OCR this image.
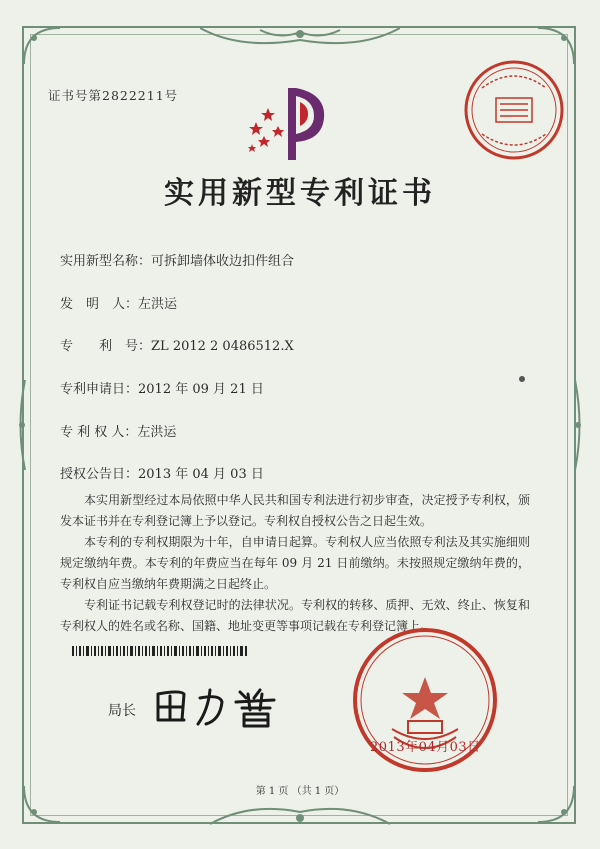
证书号第2822211号
实用新型专利证书
实用新型名称：可拆卸墙体收边扣件组合
发　明　人：左洪运
专　　利　号：ZL 2012 2 0486512.X
专利申请日：2012 年 09 月 21 日
专 利 权 人：左洪运
授权公告日：2013 年 04 月 03 日

本实用新型经过本局依照中华人民共和国专利法进行初步审查，决定授予专利权，颁发本证书并在专利登记簿上予以登记。专利权自授权公告之日起生效。

本专利的专利权期限为十年，自申请日起算。专利权人应当依照专利法及其实施细则规定缴纳年费。本专利的年费应当在每年 09 月 21 日前缴纳。未按照规定缴纳年费的，专利权自应当缴纳年费期满之日起终止。

专利证书记载专利权登记时的法律状况。专利权的转移、质押、无效、终止、恢复和专利权人的姓名或名称、国籍、地址变更等事项记载在专利登记簿上。

局长
2013年04月03日
第 1 页 （共 1 页）
